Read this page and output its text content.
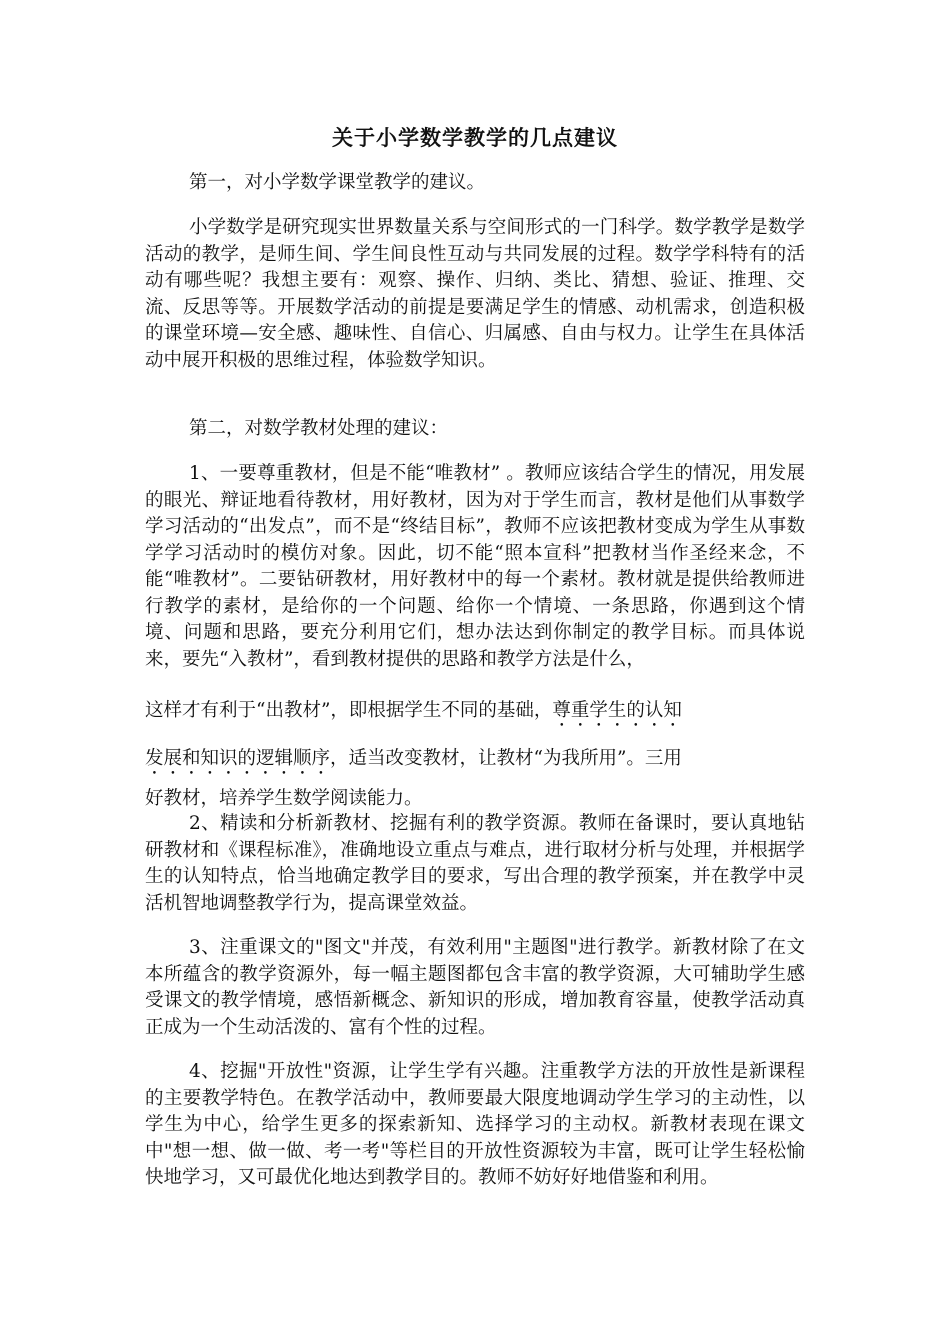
关于小学数学教学的几点建议
第一，对小学数学课堂教学的建议。
小学数学是研究现实世界数量关系与空间形式的一门科学。数学教学是数学活动的教学，是师生间、学生间良性互动与共同发展的过程。数学学科特有的活动有哪些呢？我想主要有：观察、操作、归纳、类比、猜想、验证、推理、交流、反思等等。开展数学活动的前提是要满足学生的情感、动机需求，创造积极的课堂环境—安全感、趣味性、自信心、归属感、自由与权力。让学生在具体活动中展开积极的思维过程，体验数学知识。
第二，对数学教材处理的建议：
1、一要尊重教材，但是不能“唯教材” 。教师应该结合学生的情况，用发展的眼光、辩证地看待教材，用好教材，因为对于学生而言，教材是他们从事数学学习活动的“出发点”，而不是“终结目标”，教师不应该把教材变成为学生从事数学学习活动时的模仿对象。因此，切不能“照本宣科”把教材当作圣经来念，不能“唯教材”。二要钻研教材，用好教材中的每一个素材。教材就是提供给教师进行教学的素材，是给你的一个问题、给你一个情境、一条思路，你遇到这个情境、问题和思路，要充分利用它们，想办法达到你制定的教学目标。而具体说来，要先“入教材”，看到教材提供的思路和教学方法是什么，
这样才有利于“出教材”，即根据学生不同的基础，尊重学生的认知
发展和知识的逻辑顺序，适当改变教材，让教材“为我所用”。三用
好教材，培养学生数学阅读能力。
2、精读和分析新教材、挖掘有利的教学资源。教师在备课时，要认真地钻研教材和《课程标准》，准确地设立重点与难点，进行取材分析与处理，并根据学生的认知特点，恰当地确定教学目的要求，写出合理的教学预案，并在教学中灵活机智地调整教学行为，提高课堂效益。
3、注重课文的"图文"并茂，有效利用"主题图"进行教学。新教材除了在文本所蕴含的教学资源外，每一幅主题图都包含丰富的教学资源，大可辅助学生感受课文的教学情境，感悟新概念、新知识的形成，增加教育容量，使教学活动真正成为一个生动活泼的、富有个性的过程。
4、挖掘"开放性"资源，让学生学有兴趣。注重教学方法的开放性是新课程的主要教学特色。在教学活动中，教师要最大限度地调动学生学习的主动性，以学生为中心，给学生更多的探索新知、选择学习的主动权。新教材表现在课文中"想一想、做一做、考一考"等栏目的开放性资源较为丰富，既可让学生轻松愉快地学习，又可最优化地达到教学目的。教师不妨好好地借鉴和利用。
